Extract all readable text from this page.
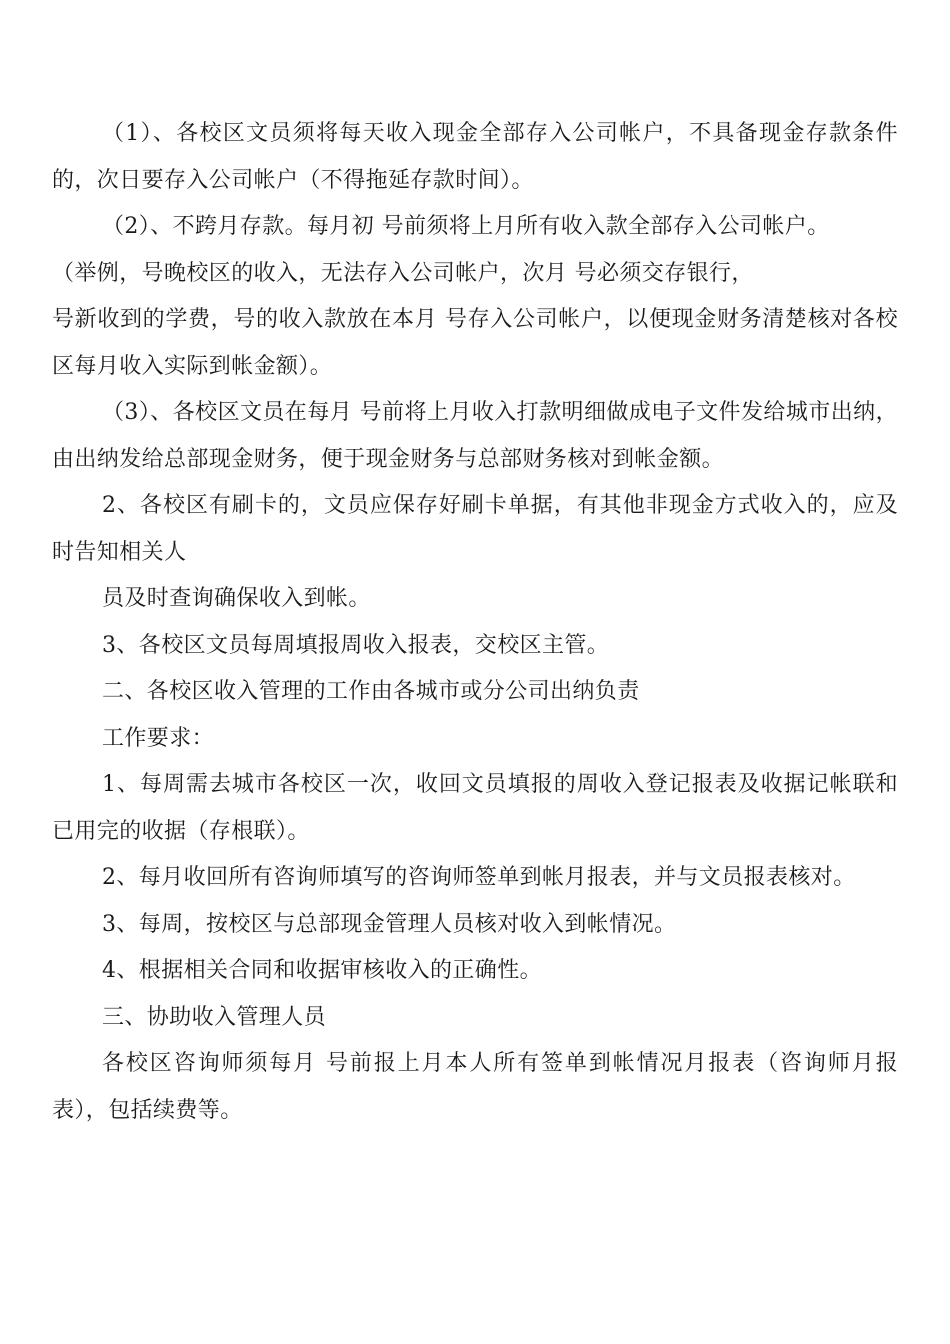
（1）、各校区文员须将每天收入现金全部存入公司帐户，不具备现金存款条件的，次日要存入公司帐户（不得拖延存款时间）。

（2）、不跨月存款。每月初 号前须将上月所有收入款全部存入公司帐户。

（举例，号晚校区的收入，无法存入公司帐户，次月 号必须交存银行，

号新收到的学费，号的收入款放在本月 号存入公司帐户，以便现金财务清楚核对各校区每月收入实际到帐金额）。

（3）、各校区文员在每月 号前将上月收入打款明细做成电子文件发给城市出纳，由出纳发给总部现金财务，便于现金财务与总部财务核对到帐金额。

2、各校区有刷卡的，文员应保存好刷卡单据，有其他非现金方式收入的，应及时告知相关人

员及时查询确保收入到帐。

3、各校区文员每周填报周收入报表，交校区主管。

二、各校区收入管理的工作由各城市或分公司出纳负责

工作要求：

1、每周需去城市各校区一次，收回文员填报的周收入登记报表及收据记帐联和已用完的收据（存根联）。

2、每月收回所有咨询师填写的咨询师签单到帐月报表，并与文员报表核对。

3、每周，按校区与总部现金管理人员核对收入到帐情况。

4、根据相关合同和收据审核收入的正确性。

三、协助收入管理人员

各校区咨询师须每月 号前报上月本人所有签单到帐情况月报表（咨询师月报表），包括续费等。
